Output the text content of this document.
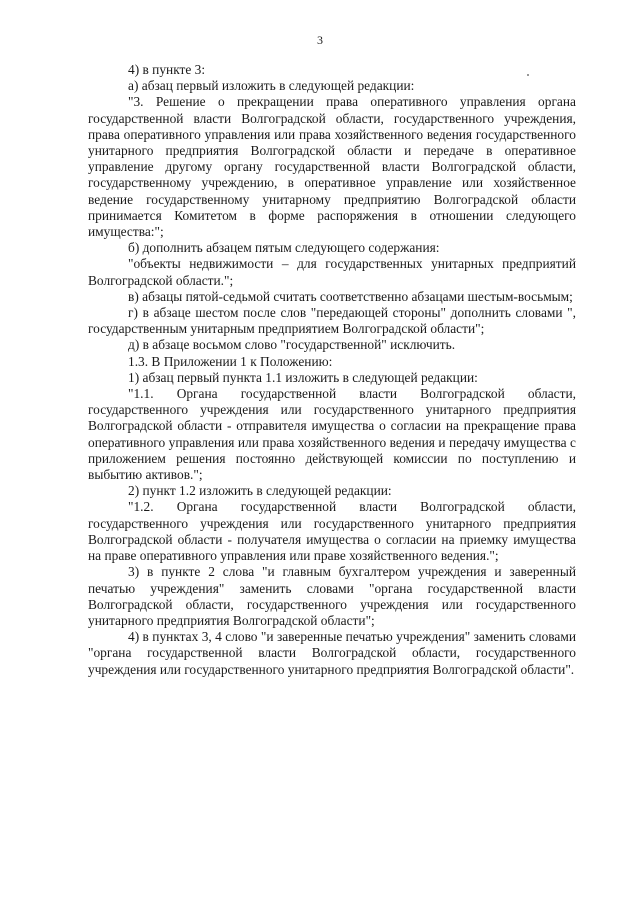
3

4) в пункте 3:

а) абзац первый изложить в следующей редакции:

"3. Решение о прекращении права оперативного управления органа государственной власти Волгоградской области, государственного учреждения, права оперативного управления или права хозяйственного ведения государственного унитарного предприятия Волгоградской области и передаче в оперативное управление другому органу государственной власти Волгоградской области, государственному учреждению, в оперативное управление или хозяйственное ведение государственному унитарному предприятию Волгоградской области принимается Комитетом в форме распоряжения в отношении следующего имущества:";

б) дополнить абзацем пятым следующего содержания:

"объекты недвижимости – для государственных унитарных предприятий Волгоградской области.";

в) абзацы пятой-седьмой считать соответственно абзацами шестым-восьмым;

г) в абзаце шестом после слов "передающей стороны" дополнить словами ", государственным унитарным предприятием Волгоградской области";

д) в абзаце восьмом слово "государственной" исключить.

1.3. В Приложении 1 к Положению:

1) абзац первый пункта 1.1 изложить в следующей редакции:

"1.1. Органа государственной власти Волгоградской области, государственного учреждения или государственного унитарного предприятия Волгоградской области - отправителя имущества о согласии на прекращение права оперативного управления или права хозяйственного ведения и передачу имущества с приложением решения постоянно действующей комиссии по поступлению и выбытию активов.";

2) пункт 1.2 изложить в следующей редакции:

"1.2. Органа государственной власти Волгоградской области, государственного учреждения или государственного унитарного предприятия Волгоградской области - получателя имущества о согласии на приемку имущества на праве оперативного управления или праве хозяйственного ведения.";

3) в пункте 2 слова "и главным бухгалтером учреждения и заверенный печатью учреждения" заменить словами "органа государственной власти Волгоградской области, государственного учреждения или государственного унитарного предприятия Волгоградской области";

4) в пунктах 3, 4 слово "и заверенные печатью учреждения" заменить словами "органа государственной власти Волгоградской области, государственного учреждения или государственного унитарного предприятия Волгоградской области".
